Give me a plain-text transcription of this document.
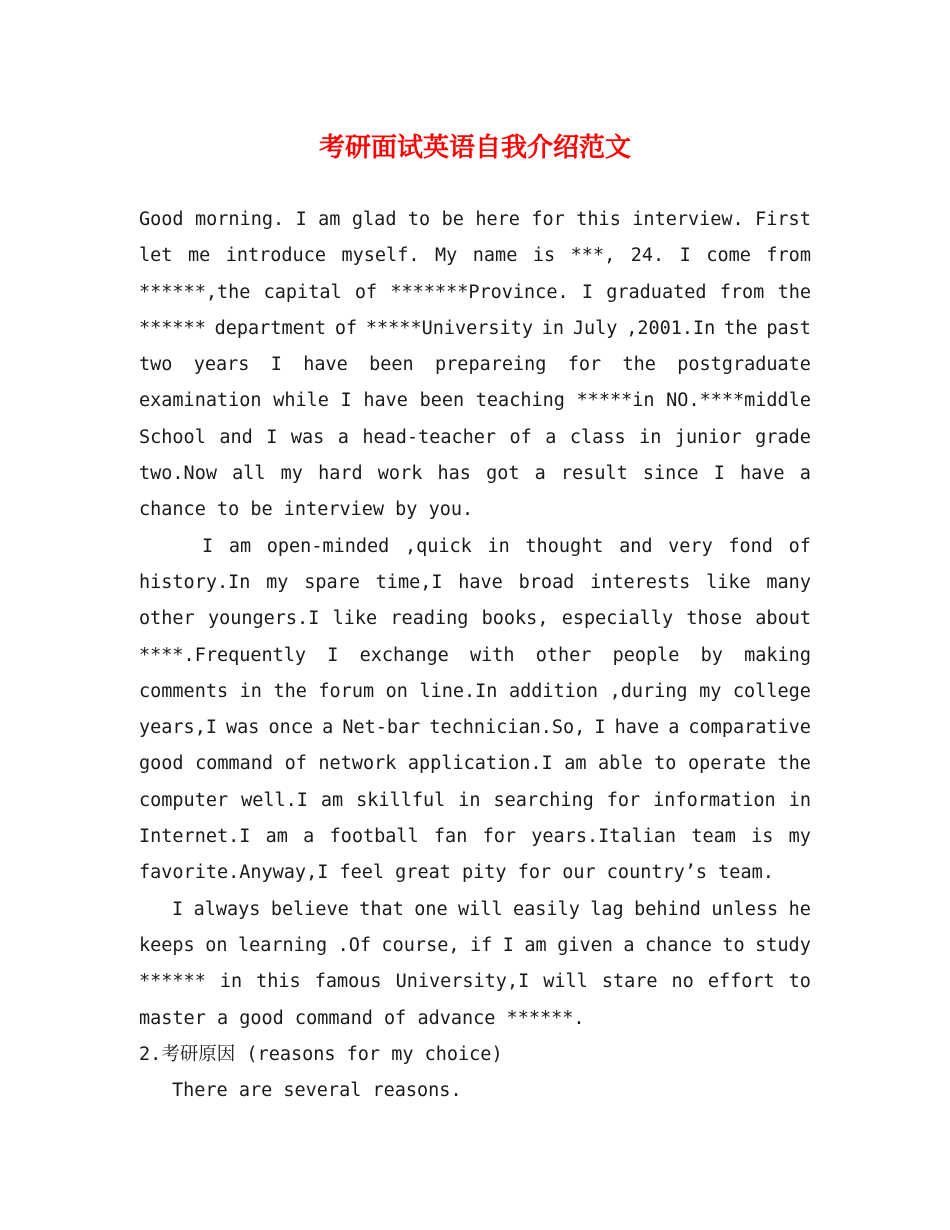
考研面试英语自我介绍范文
Good morning. I am glad to be here for this interview. First
let me introduce myself. My name is ***, 24. I come from
******,the capital of *******Province. I graduated from the
****** department of *****University in July ,2001.In the past
two years I have been prepareing for the postgraduate
examination while I have been teaching *****in NO.****middle
School and I was a head-teacher of a class in junior grade
two.Now all my hard work has got a result since I have a
chance to be interview by you.
I am open-minded ,quick in thought and very fond of
history.In my spare time,I have broad interests like many
other youngers.I like reading books, especially those about
****.Frequently I exchange with other people by making
comments in the forum on line.In addition ,during my college
years,I was once a Net-bar technician.So, I have a comparative
good command of network application.I am able to operate the
computer well.I am skillful in searching for information in
Internet.I am a football fan for years.Italian team is my
favorite.Anyway,I feel great pity for our country’s team.
I always believe that one will easily lag behind unless he
keeps on learning .Of course, if I am given a chance to study
****** in this famous University,I will stare no effort to
master a good command of advance ******.
2.考研原因 (reasons for my choice)
There are several reasons.
